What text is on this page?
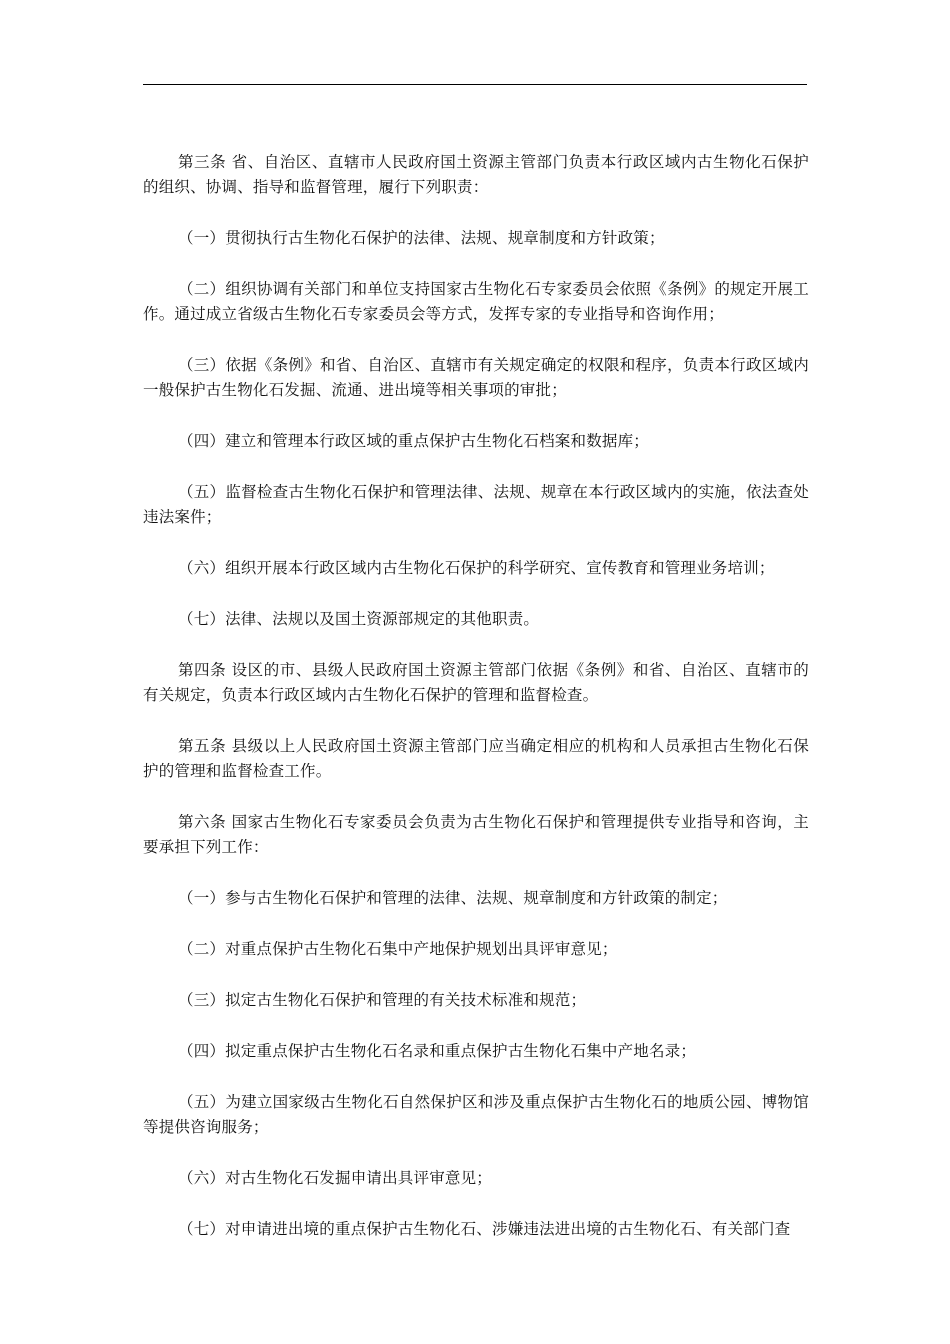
第三条 省、自治区、直辖市人民政府国土资源主管部门负责本行政区域内古生物化石保护的组织、协调、指导和监督管理，履行下列职责：

（一）贯彻执行古生物化石保护的法律、法规、规章制度和方针政策；

（二）组织协调有关部门和单位支持国家古生物化石专家委员会依照《条例》的规定开展工作。通过成立省级古生物化石专家委员会等方式，发挥专家的专业指导和咨询作用；

（三）依据《条例》和省、自治区、直辖市有关规定确定的权限和程序，负责本行政区域内一般保护古生物化石发掘、流通、进出境等相关事项的审批；

（四）建立和管理本行政区域的重点保护古生物化石档案和数据库；

（五）监督检查古生物化石保护和管理法律、法规、规章在本行政区域内的实施，依法查处违法案件；

（六）组织开展本行政区域内古生物化石保护的科学研究、宣传教育和管理业务培训；

（七）法律、法规以及国土资源部规定的其他职责。

第四条 设区的市、县级人民政府国土资源主管部门依据《条例》和省、自治区、直辖市的有关规定，负责本行政区域内古生物化石保护的管理和监督检查。

第五条 县级以上人民政府国土资源主管部门应当确定相应的机构和人员承担古生物化石保护的管理和监督检查工作。

第六条 国家古生物化石专家委员会负责为古生物化石保护和管理提供专业指导和咨询，主要承担下列工作：

（一）参与古生物化石保护和管理的法律、法规、规章制度和方针政策的制定；

（二）对重点保护古生物化石集中产地保护规划出具评审意见；

（三）拟定古生物化石保护和管理的有关技术标准和规范；

（四）拟定重点保护古生物化石名录和重点保护古生物化石集中产地名录；

（五）为建立国家级古生物化石自然保护区和涉及重点保护古生物化石的地质公园、博物馆等提供咨询服务；

（六）对古生物化石发掘申请出具评审意见；

（七）对申请进出境的重点保护古生物化石、涉嫌违法进出境的古生物化石、有关部门查
